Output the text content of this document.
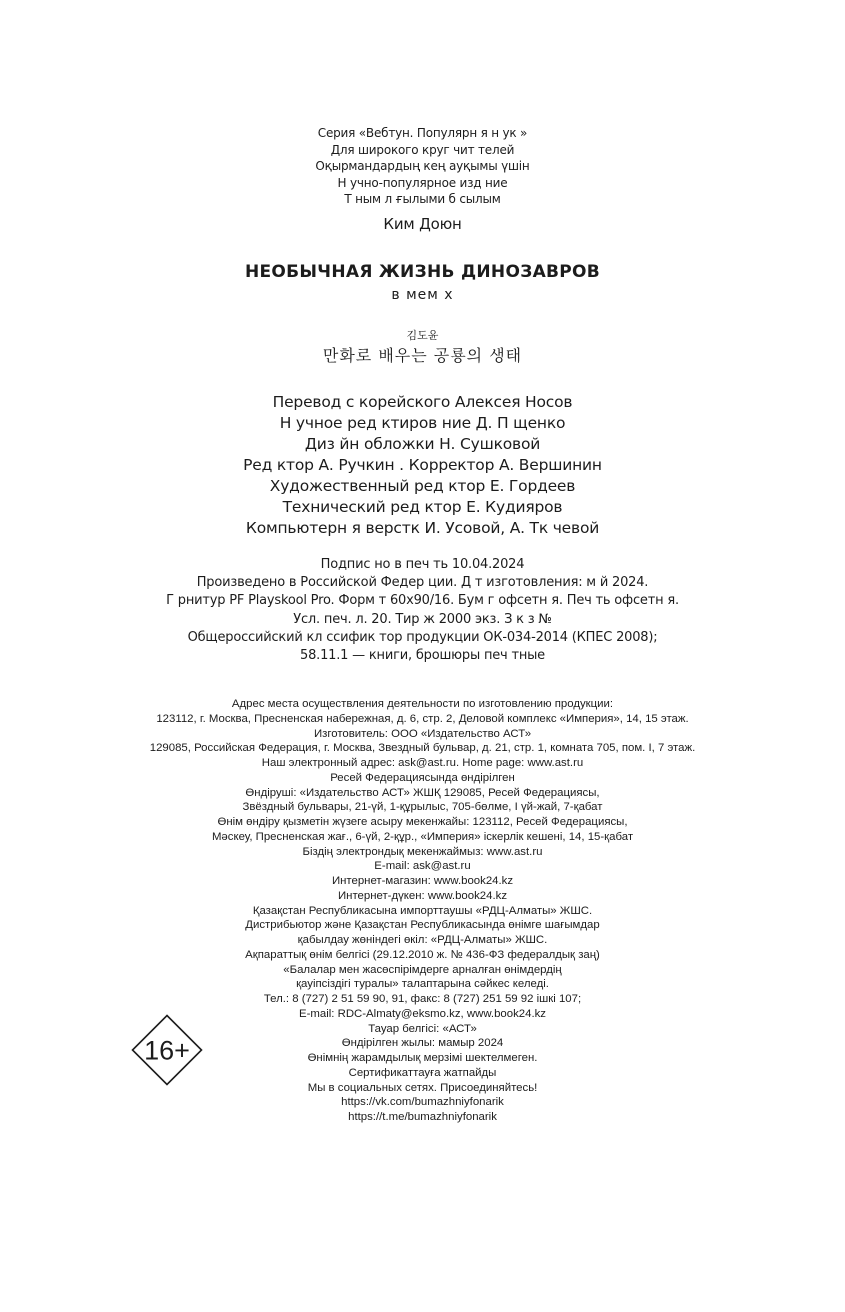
Серия «Вебтун. Популярн я н ук »
Для широкого круг чит телей
Оқырмандардың кең ауқымы үшін
Н учно-популярное изд ние
Т ным л ғылыми б сылым
Ким Доюн
НЕОБЫЧНАЯ ЖИЗНЬ ДИНОЗАВРОВ
в мем х
김도윤
만화로 배우는 공룡의 생태
Перевод с корейского Алексея Носов
Н учное ред ктиров ние Д. П щенко
Диз йн обложки Н. Сушковой
Ред ктор А. Ручкин . Корректор А. Вершинин
Художественный ред ктор Е. Гордеев
Технический ред ктор Е. Кудияров
Компьютерн я верстк И. Усовой, А. Тк чевой
Подпис но в печ ть 10.04.2024
Произведено в Российской Федер ции. Д т изготовления: м й 2024.
Г рнитур PF Playskool Pro. Форм т 60х90/16. Бум г офсетн я. Печ ть офсетн я.
Усл. печ. л. 20. Тир ж 2000 экз. З к з №
Общероссийский кл ссифик тор продукции ОК-034-2014 (КПЕС 2008);
58.11.1 — книги, брошюры печ тные
Адрес места осуществления деятельности по изготовлению продукции:
123112, г. Москва, Пресненская набережная, д. 6, стр. 2, Деловой комплекс «Империя», 14, 15 этаж.
Изготовитель: ООО «Издательство АСТ»
129085, Российская Федерация, г. Москва, Звездный бульвар, д. 21, стр. 1, комната 705, пом. I, 7 этаж.
Наш электронный адрес: ask@ast.ru. Home page: www.ast.ru
Ресей Федерациясында өндірілген
Өндіруші: «Издательство АСТ» ЖШҚ 129085, Ресей Федерациясы,
Звёздный бульвары, 21-үй, 1-құрылыс, 705-бөлме, I үй-жай, 7-қабат
Өнім өндіру қызметін жүзеге асыру мекенжайы: 123112, Ресей Федерациясы,
Мәскеу, Пресненская жағ., 6-үй, 2-құр., «Империя» іскерлік кешені, 14, 15-қабат
Біздің электрондық мекенжаймыз: www.ast.ru
E-mail: ask@ast.ru
Интернет-магазин: www.book24.kz
Интернет-дүкен: www.book24.kz
Қазақстан Республикасына импорттаушы «РДЦ-Алматы» ЖШС.
Дистрибьютор және Қазақстан Республикасында өнімге шағымдар
қабылдау жөніндегі өкіл: «РДЦ-Алматы» ЖШС.
Ақпараттық өнім белгісі (29.12.2010 ж. № 436-ФЗ федералдық заң)
«Балалар мен жасөспірімдерге арналған өнімдердің
қауіпсіздігі туралы» талаптарына сәйкес келеді.
Тел.: 8 (727) 2 51 59 90, 91, факс: 8 (727) 251 59 92 ішкі 107;
E-mail: RDC-Almaty@eksmo.kz, www.book24.kz
Тауар белгісі: «АСТ»
Өндірілген жылы: мамыр 2024
Өнімнің жарамдылық мерзімі шектелмеген.
Сертификаттауға жатпайды
Мы в социальных сетях. Присоединяйтесь!
https://vk.com/bumazhniyfonarik
https://t.me/bumazhniyfonarik
16+
